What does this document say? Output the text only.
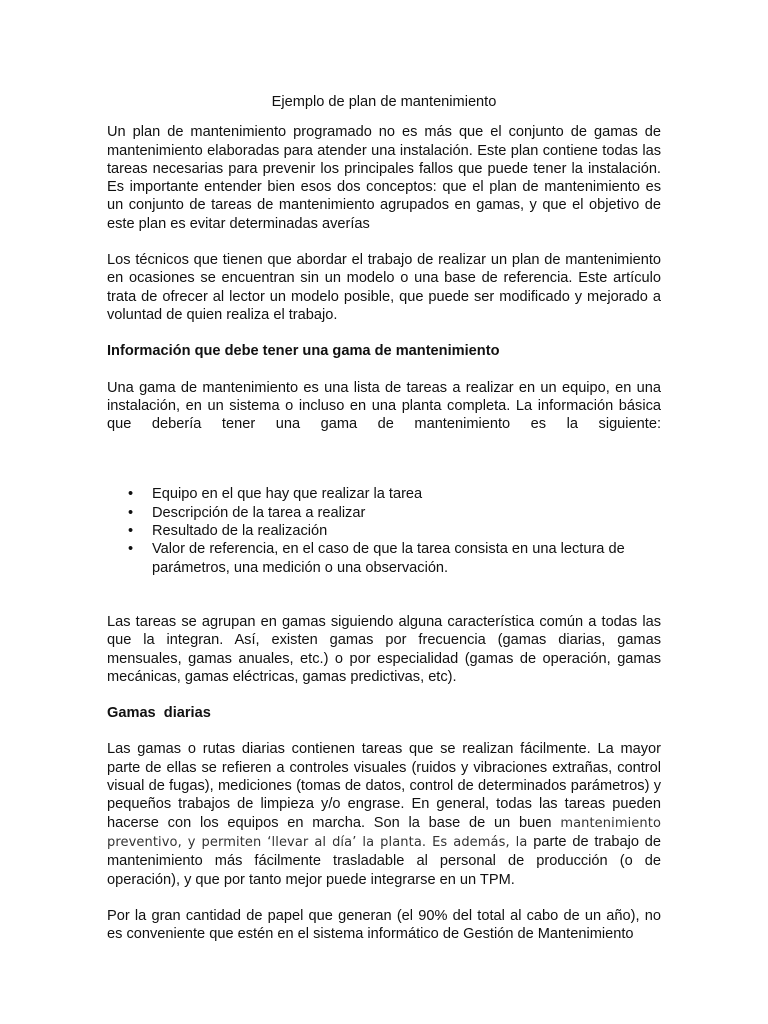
Ejemplo de plan de mantenimiento

Un plan de mantenimiento programado no es más que el conjunto de gamas de mantenimiento elaboradas para atender una instalación. Este plan contiene todas las tareas necesarias para prevenir los principales fallos que puede tener la instalación. Es importante entender bien esos dos conceptos: que el plan de mantenimiento es un conjunto de tareas de mantenimiento agrupados en gamas, y que el objetivo de este plan es evitar determinadas averías

Los técnicos que tienen que abordar el trabajo de realizar un plan de mantenimiento en ocasiones se encuentran sin un modelo o una base de referencia. Este artículo trata de ofrecer al lector un modelo posible, que puede ser modificado y mejorado a voluntad de quien realiza el trabajo.

Información que debe tener una gama de mantenimiento

Una gama de mantenimiento es una lista de tareas a realizar en un equipo, en una instalación, en un sistema o incluso en una planta completa. La información básica que debería tener una gama de mantenimiento es la siguiente:

• Equipo en el que hay que realizar la tarea
• Descripción de la tarea a realizar
• Resultado de la realización
• Valor de referencia, en el caso de que la tarea consista en una lectura de parámetros, una medición o una observación.

Las tareas se agrupan en gamas siguiendo alguna característica común a todas las que la integran. Así, existen gamas por frecuencia (gamas diarias, gamas mensuales, gamas anuales, etc.) o por especialidad (gamas de operación, gamas mecánicas, gamas eléctricas, gamas predictivas, etc).

Gamas  diarias

Las gamas o rutas diarias contienen tareas que se realizan fácilmente. La mayor parte de ellas se refieren a controles visuales (ruidos y vibraciones extrañas, control visual de fugas), mediciones (tomas de datos, control de determinados parámetros) y pequeños trabajos de limpieza y/o engrase. En general, todas las tareas pueden hacerse con los equipos en marcha. Son la base de un buen mantenimiento preventivo, y permiten ‘llevar al día’ la planta. Es además, la parte de trabajo de mantenimiento más fácilmente trasladable al personal de producción (o de operación), y que por tanto mejor puede integrarse en un TPM.

Por la gran cantidad de papel que generan (el 90% del total al cabo de un año), no es conveniente que estén en el sistema informático de Gestión de Mantenimiento
